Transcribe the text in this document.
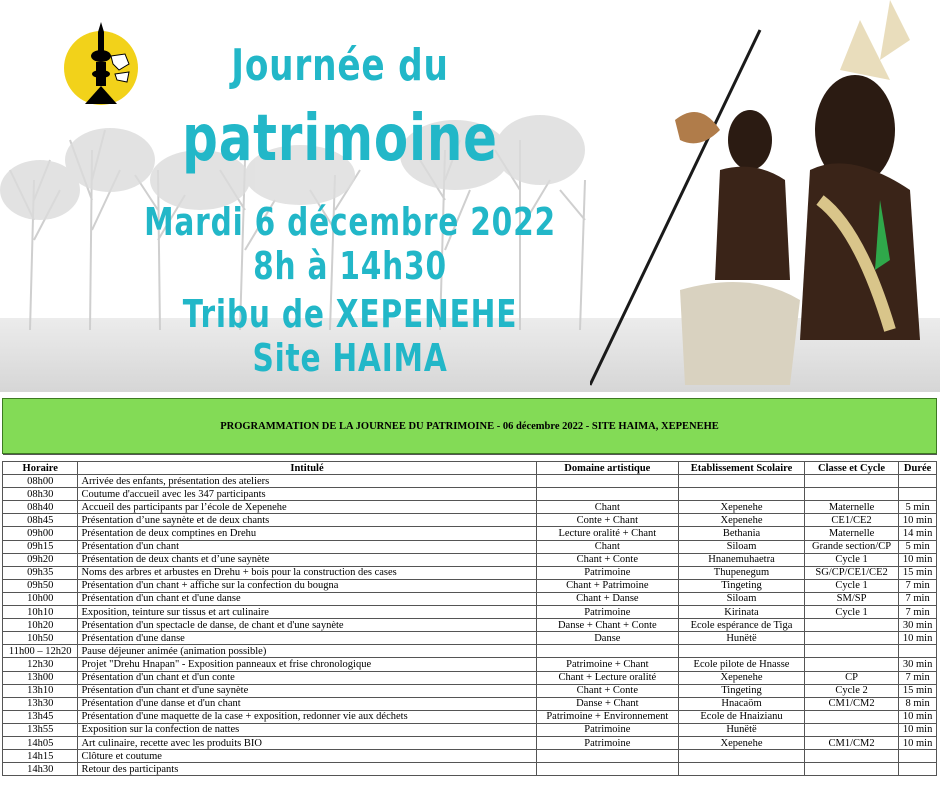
Journée du
patrimoine
Mardi 6 décembre 2022
8h à 14h30
Tribu de XEPENEHE
Site HAIMA
PROGRAMMATION DE LA JOURNEE DU PATRIMOINE - 06 décembre 2022 - SITE HAIMA, XEPENEHE

Horaire	Intitulé	Domaine artistique	Etablissement Scolaire	Classe et Cycle	Durée
08h00	Arrivée des enfants, présentation des ateliers				
08h30	Coutume d'accueil avec les 347 participants				
08h40	Accueil des participants par l’école de Xepenehe	Chant	Xepenehe	Maternelle	5 min
08h45	Présentation d’une saynète et de deux chants	Conte + Chant	Xepenehe	CE1/CE2	10 min
09h00	Présentation de deux comptines en Drehu	Lecture oralité + Chant	Bethania	Maternelle	14 min
09h15	Présentation d'un chant	Chant	Siloam	Grande section/CP	5 min
09h20	Présentation de deux chants et d’une saynète	Chant + Conte	Hnanemuhaetra	Cycle 1	10 min
09h35	Noms des arbres et arbustes en Drehu + bois pour la construction des cases	Patrimoine	Thupenegum	SG/CP/CE1/CE2	15 min
09h50	Présentation d'un chant + affiche sur la confection du bougna	Chant + Patrimoine	Tingeting	Cycle 1	7 min
10h00	Présentation d'un chant et d'une danse	Chant + Danse	Siloam	SM/SP	7 min
10h10	Exposition, teinture sur tissus et art culinaire	Patrimoine	Kirinata	Cycle 1	7 min
10h20	Présentation d'un spectacle de danse, de chant et d'une saynète	Danse + Chant + Conte	Ecole espérance de Tiga		30 min
10h50	Présentation d'une danse	Danse	Hunëtë		10 min
11h00 – 12h20	Pause déjeuner animée (animation possible)				
12h30	Projet "Drehu Hnapan" - Exposition panneaux et frise chronologique	Patrimoine + Chant	Ecole pilote de Hnasse		30 min
13h00	Présentation d'un chant et d'un conte	Chant + Lecture oralité	Xepenehe	CP	7 min
13h10	Présentation d'un chant et d'une saynète	Chant + Conte	Tingeting	Cycle 2	15 min
13h30	Présentation d'une danse et d'un chant	Danse + Chant	Hnacaöm	CM1/CM2	8 min
13h45	Présentation d'une maquette de la case + exposition, redonner vie aux déchets	Patrimoine + Environnement	Ecole de Hnaizianu		10 min
13h55	Exposition sur la confection de nattes	Patrimoine	Hunëtë		10 min
14h05	Art culinaire, recette avec les produits BIO	Patrimoine	Xepenehe	CM1/CM2	10 min
14h15	Clôture et coutume				
14h30	Retour des participants				
